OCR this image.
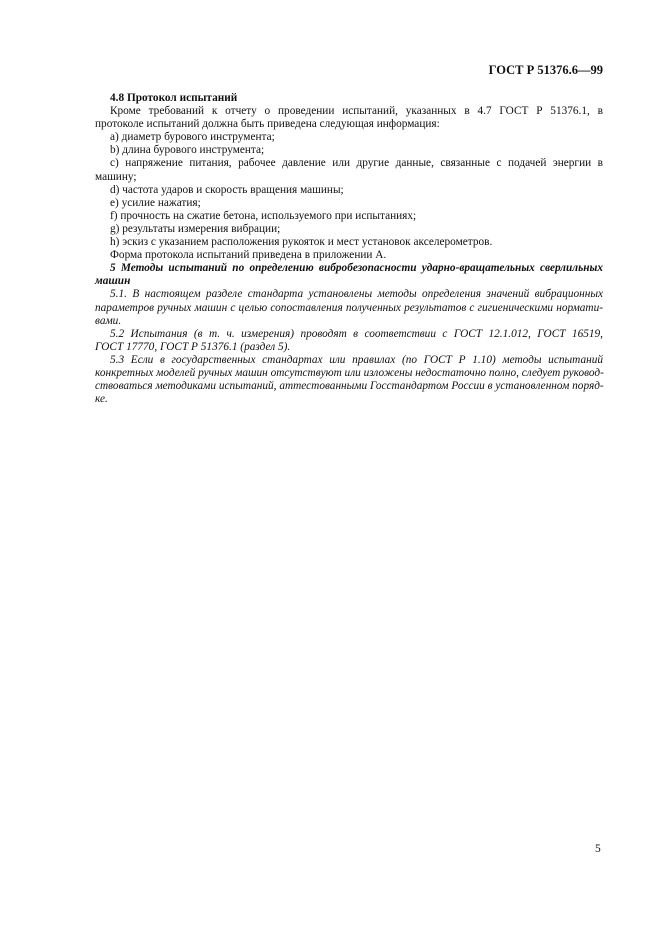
ГОСТ Р 51376.6—99
4.8 Протокол испытаний
Кроме требований к отчету о проведении испытаний, указанных в 4.7 ГОСТ Р 51376.1, в
протоколе испытаний должна быть приведена следующая информация:
a) диаметр бурового инструмента;
b) длина бурового инструмента;
c) напряжение питания, рабочее давление или другие данные, связанные с подачей энергии в
машину;
d) частота ударов и скорость вращения машины;
e) усилие нажатия;
f) прочность на сжатие бетона, используемого при испытаниях;
g) результаты измерения вибрации;
h) эскиз с указанием расположения рукояток и мест установок акселерометров.
Форма протокола испытаний приведена в приложении А.
5 Методы испытаний по определению вибробезопасности ударно-вращательных сверлильных
машин
5.1. В настоящем разделе стандарта установлены методы определения значений вибрационных
параметров ручных машин с целью сопоставления полученных результатов с гигиеническими нормати-
вами.
5.2 Испытания (в т. ч. измерения) проводят в соответствии с ГОСТ 12.1.012, ГОСТ 16519,
ГОСТ 17770, ГОСТ Р 51376.1 (раздел 5).
5.3 Если в государственных стандартах или правилах (по ГОСТ Р 1.10) методы испытаний
конкретных моделей ручных машин отсутствуют или изложены недостаточно полно, следует руковод-
ствоваться методиками испытаний, аттестованными Госстандартом России в установленном поряд-
ке.
5
